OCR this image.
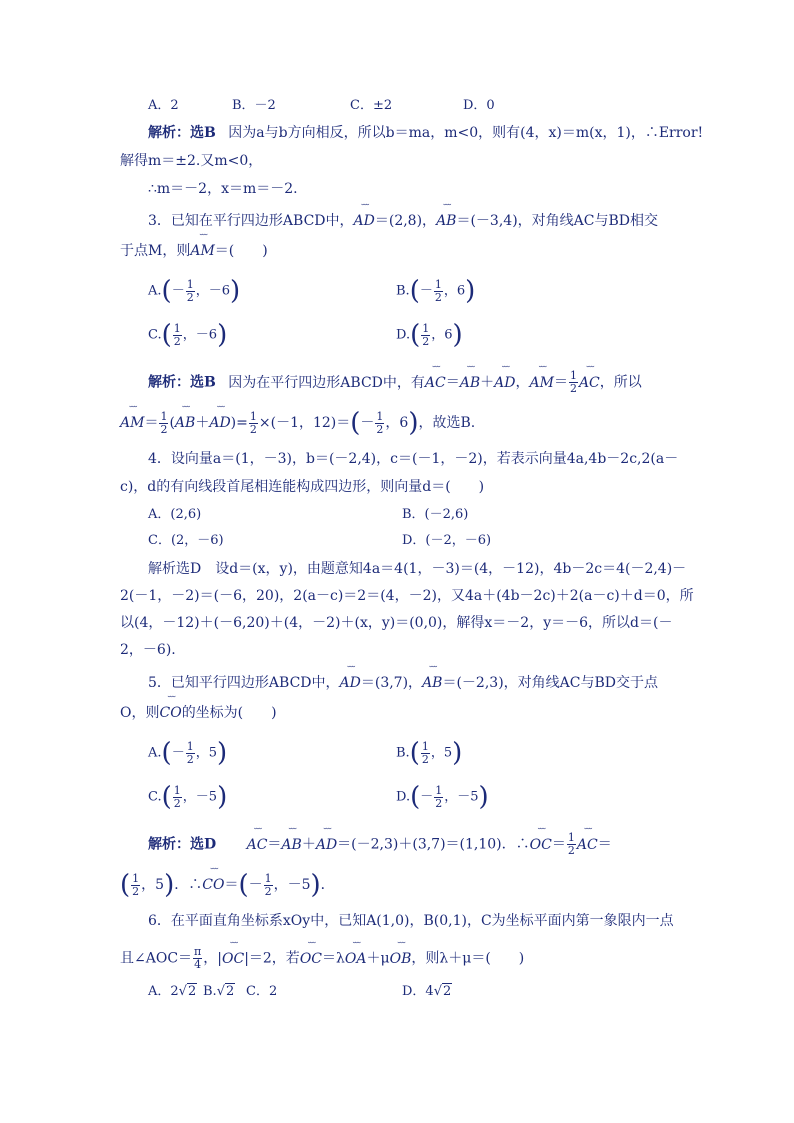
A．2	B．－2	C．±2	D．0
解析：选B 因为a与b方向相反，所以b＝ma，m<0，则有(4，x)＝m(x，1)，∴Error!
解得m＝±2.又m<0，
∴m＝－2，x＝m＝－2.
3．已知在平行四边形ABCD中，˘˘˘ AD＝(2,8)，˘˘˘ AB＝(－3,4)，对角线AC与BD相交
于点M，则˘˘˘ AM＝(　　)
$A.(- \frac{1}{2}$ ，－6)	$B.(- \frac{1}{2}$ ，6)
$C.( \frac{1}{2}$ ，－6)	$D.( \frac{1}{2}$ ，6)
解析：选B 因为在平行四边形ABCD中，有˘˘˘ AC＝˘˘˘ AB＋˘˘˘ AD，˘˘˘ $AM= \frac{1}{2}$ ˘˘˘ AC，所以
˘˘˘ $AM= \frac{1}{2}$ (˘˘˘ AB＋˘˘˘ $AD)= \frac{1}{2} \times(-1$，$12)=(- \frac{1}{2}$ ，6)，故选B.
4．设向量a＝(1，－3)，b＝(－2,4)，c＝(－1，－2)，若表示向量4a,4b－2c,2(a－
c)，d的有向线段首尾相连能构成四边形，则向量d＝(　　)
A．(2,6)	B．(－2,6)
C．(2，－6)	D．(－2，－6)
解析选D　设d＝(x，y)，由题意知4a＝4(1，－3)＝(4，－12)，4b－2c＝4(－2,4)－
2(－1，－2)＝(－6，20)，2(a－c)＝2＝(4，－2)，又4a＋(4b－2c)＋2(a－c)＋d＝0，所
以(4，－12)＋(－6,20)＋(4，－2)＋(x，y)＝(0,0)，解得x＝－2，y＝－6，所以d＝(－
2，－6).
5．已知平行四边形ABCD中，˘˘˘ AD＝(3,7)，˘˘˘ AB＝(－2,3)，对角线AC与BD交于点
O，则˘˘˘ CO的坐标为(　　)
$A.(- \frac{1}{2}$ ，5)	$B.( \frac{1}{2}$ ，5)
$C.( \frac{1}{2}$ ，－5)	$D.(- \frac{1}{2}$ ，－5)
解析：选D ˘˘˘ AC＝˘˘˘ AB＋˘˘˘ AD＝(－2,3)＋(3,7)＝(1,10)．∴˘˘˘ $OC= \frac{1}{2}$ ˘˘˘ AC＝
( $\frac{1}{2}$ ，5)．∴˘˘˘ $CO=(- \frac{1}{2}$ ，－5)．
6．在平面直角坐标系xOy中，已知A(1,0)，B(0,1)，C为坐标平面内第一象限内一点
且∠AOC＝ $\frac{\pi}{4}$ ，|˘˘˘ OC|＝2，若˘˘˘ OC＝λ˘˘˘ OA＋μ˘˘˘ OB，则λ＋μ＝(　　)
A．2√2 B.√2 C．2	D．4√2
